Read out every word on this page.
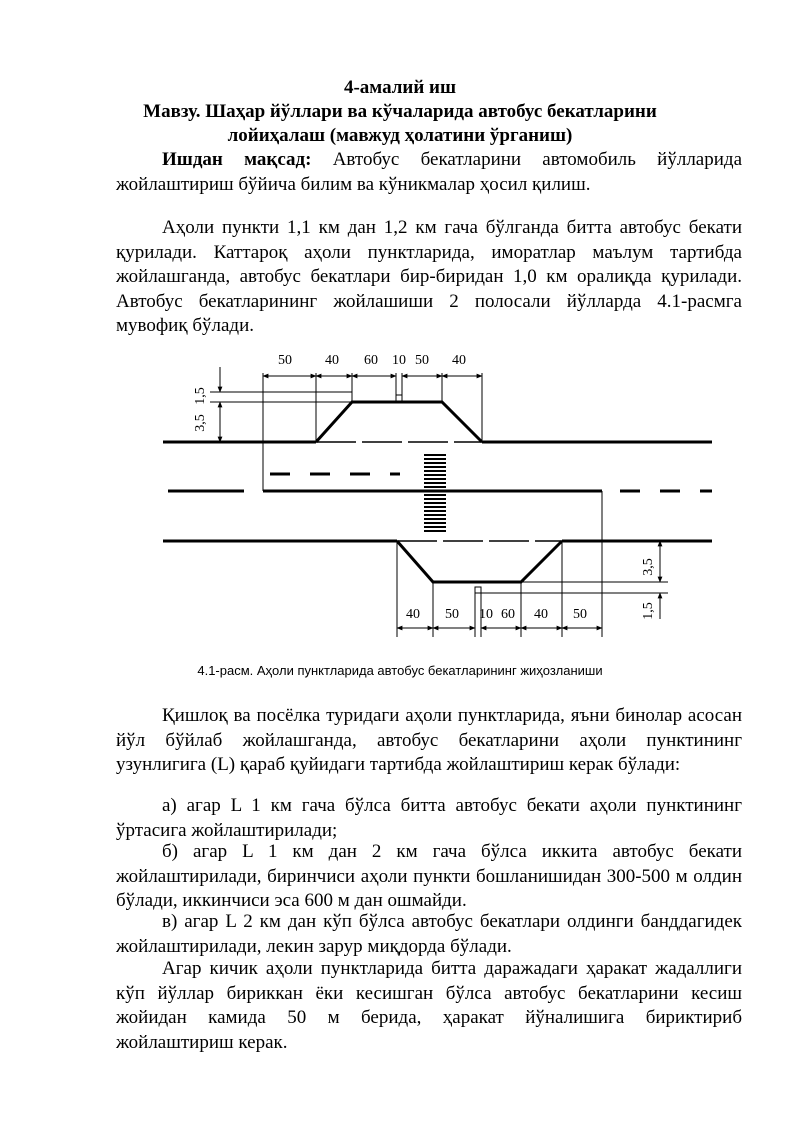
4-амалий иш
Мавзу. Шаҳар йўллари ва кўчаларида автобус бекатларини
лойиҳалаш (мавжуд ҳолатини ўрганиш)
Ишдан мақсад: Автобус бекатларини автомобиль йўлларида жойлаштириш бўйича билим ва кўникмалар ҳосил қилиш.
Аҳоли пункти 1,1 км дан 1,2 км гача бўлганда битта автобус бекати қурилади. Каттароқ аҳоли пунктларида, иморатлар маълум тартибда жойлашганда, автобус бекатлари бир-биридан 1,0 км оралиқда қурилади. Автобус бекатларининг жойлашиши 2 полосали йўлларда 4.1-расмга мувофиқ бўлади.
50 40 60 10 50 40
3,5
1,5
40 50 10 60 40 50
3,5
1,5
4.1-расм. Аҳоли пунктларида автобус бекатларининг жиҳозланиши
Қишлоқ ва посёлка туридаги аҳоли пунктларида, яъни бинолар асосан йўл бўйлаб жойлашганда, автобус бекатларини аҳоли пунктининг узунлигига (L) қараб қуйидаги тартибда жойлаштириш керак бўлади:
а) агар L 1 км гача бўлса битта автобус бекати аҳоли пунктининг ўртасига жойлаштирилади;
б) агар L 1 км дан 2 км гача бўлса иккита автобус бекати жойлаштирилади, биринчиси аҳоли пункти бошланишидан 300-500 м олдин бўлади, иккинчиси эса 600 м дан ошмайди.
в) агар L 2 км дан кўп бўлса автобус бекатлари олдинги банддагидек жойлаштирилади, лекин зарур миқдорда бўлади.
Агар кичик аҳоли пунктларида битта даражадаги ҳаракат жадаллиги кўп йўллар бириккан ёки кесишган бўлса автобус бекатларини кесиш жойидан камида 50 м берида, ҳаракат йўналишига бириктириб жойлаштириш керак.
